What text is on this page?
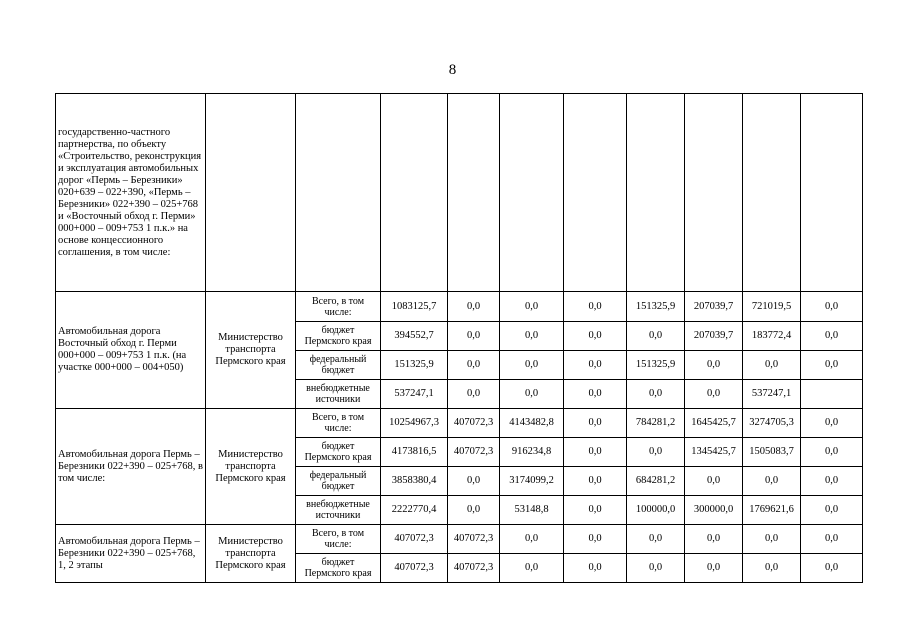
8
государственно-частного партнерства, по объекту «Строительство, реконструкция и эксплуатация автомобильных дорог «Пермь – Березники» 020+639 – 022+390, «Пермь – Березники» 022+390 – 025+768 и «Восточный обход г. Перми» 000+000 – 009+753 1 п.к.» на основе концессионного соглашения, в том числе:										
Автомобильная дорога Восточный обход г. Перми 000+000 – 009+753 1 п.к. (на участке 000+000 – 004+050)	Министерство транспорта Пермского края	Всего, в том числе:	1083125,7	0,0	0,0	0,0	151325,9	207039,7	721019,5	0,0
		бюджет Пермского края	394552,7	0,0	0,0	0,0	0,0	207039,7	183772,4	0,0
		федеральный бюджет	151325,9	0,0	0,0	0,0	151325,9	0,0	0,0	0,0
		внебюджетные источники	537247,1	0,0	0,0	0,0	0,0	0,0	537247,1	
Автомобильная дорога Пермь – Березники 022+390 – 025+768, в том числе:	Министерство транспорта Пермского края	Всего, в том числе:	10254967,3	407072,3	4143482,8	0,0	784281,2	1645425,7	3274705,3	0,0
		бюджет Пермского края	4173816,5	407072,3	916234,8	0,0	0,0	1345425,7	1505083,7	0,0
		федеральный бюджет	3858380,4	0,0	3174099,2	0,0	684281,2	0,0	0,0	0,0
		внебюджетные источники	2222770,4	0,0	53148,8	0,0	100000,0	300000,0	1769621,6	0,0
Автомобильная дорога Пермь – Березники 022+390 – 025+768, 1, 2 этапы	Министерство транспорта Пермского края	Всего, в том числе:	407072,3	407072,3	0,0	0,0	0,0	0,0	0,0	0,0
		бюджет Пермского края	407072,3	407072,3	0,0	0,0	0,0	0,0	0,0	0,0
